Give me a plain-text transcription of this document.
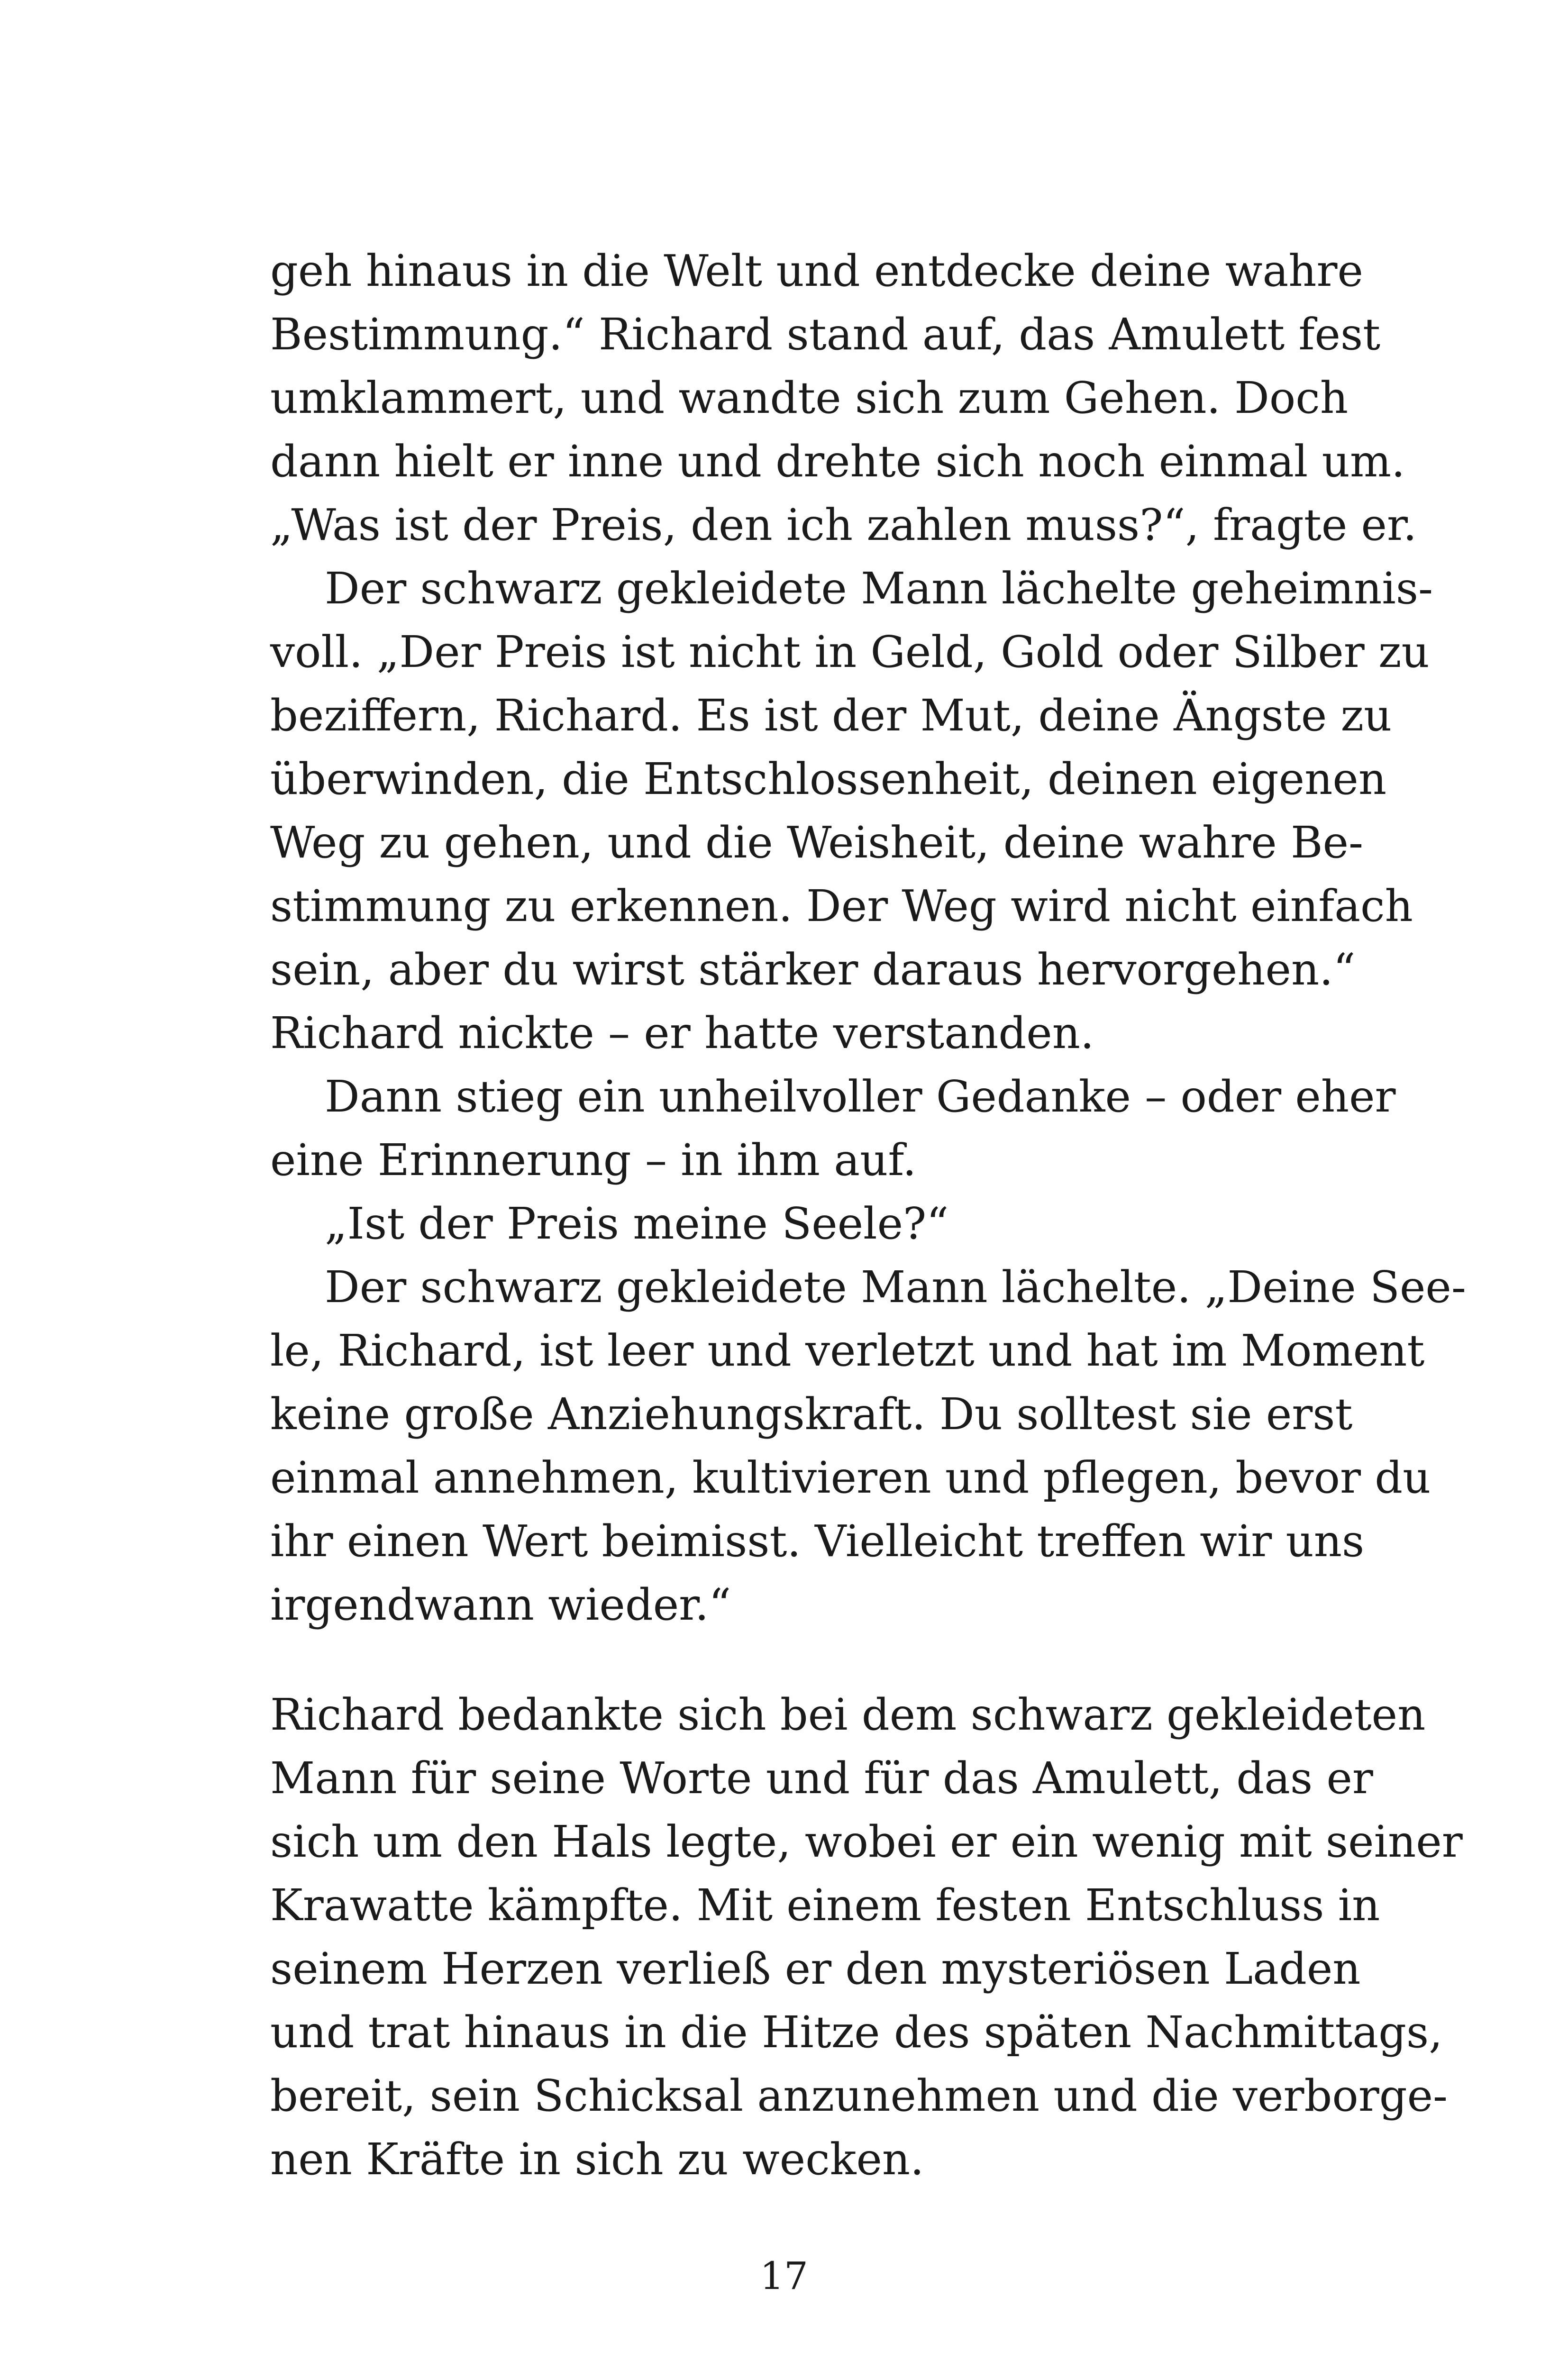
geh hinaus in die Welt und entdecke deine wahre
Bestimmung.“ Richard stand auf, das Amulett fest
umklammert, und wandte sich zum Gehen. Doch
dann hielt er inne und drehte sich noch einmal um.
„Was ist der Preis, den ich zahlen muss?“, fragte er.
Der schwarz gekleidete Mann lächelte geheimnis-
voll. „Der Preis ist nicht in Geld, Gold oder Silber zu
beziffern, Richard. Es ist der Mut, deine Ängste zu
überwinden, die Entschlossenheit, deinen eigenen
Weg zu gehen, und die Weisheit, deine wahre Be-
stimmung zu erkennen. Der Weg wird nicht einfach
sein, aber du wirst stärker daraus hervorgehen.“
Richard nickte – er hatte verstanden.
Dann stieg ein unheilvoller Gedanke – oder eher
eine Erinnerung – in ihm auf.
„Ist der Preis meine Seele?“
Der schwarz gekleidete Mann lächelte. „Deine See-
le, Richard, ist leer und verletzt und hat im Moment
keine große Anziehungskraft. Du solltest sie erst
einmal annehmen, kultivieren und pflegen, bevor du
ihr einen Wert beimisst. Vielleicht treffen wir uns
irgendwann wieder.“
Richard bedankte sich bei dem schwarz gekleideten
Mann für seine Worte und für das Amulett, das er
sich um den Hals legte, wobei er ein wenig mit seiner
Krawatte kämpfte. Mit einem festen Entschluss in
seinem Herzen verließ er den mysteriösen Laden
und trat hinaus in die Hitze des späten Nachmittags,
bereit, sein Schicksal anzunehmen und die verborge-
nen Kräfte in sich zu wecken.
17
